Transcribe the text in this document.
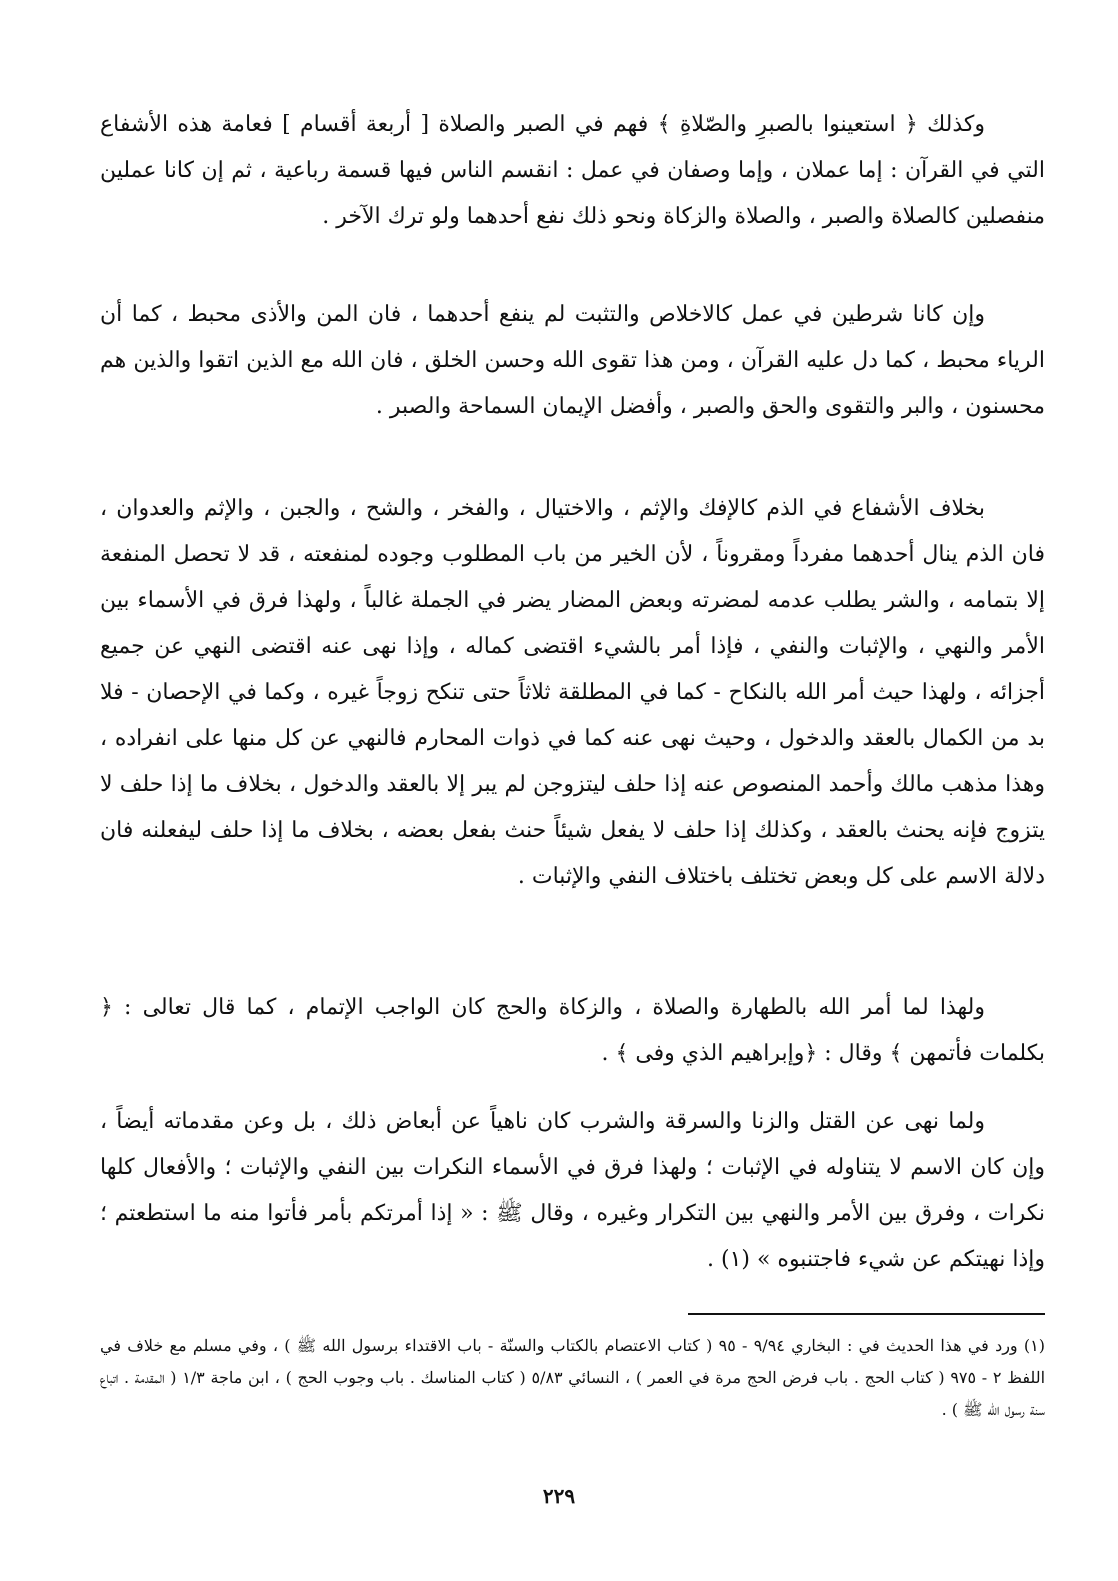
وكذلك ﴿ استعينوا بالصبرِ والصّلاةِ ﴾ فهم في الصبر والصلاة [ أربعة أقسام ] فعامة هذه الأشفاع التي في القرآن : إما عملان ، وإما وصفان في عمل : انقسم الناس فيها قسمة رباعية ، ثم إن كانا عملين منفصلين كالصلاة والصبر ، والصلاة والزكاة ونحو ذلك نفع أحدهما ولو ترك الآخر .

وإن كانا شرطين في عمل كالاخلاص والتثبت لم ينفع أحدهما ، فان المن والأذى محبط ، كما أن الرياء محبط ، كما دل عليه القرآن ، ومن هذا تقوى الله وحسن الخلق ، فان الله مع الذين اتقوا والذين هم محسنون ، والبر والتقوى والحق والصبر ، وأفضل الإيمان السماحة والصبر .

بخلاف الأشفاع في الذم كالإفك والإثم ، والاختيال ، والفخر ، والشح ، والجبن ، والإثم والعدوان ، فان الذم ينال أحدهما مفرداً ومقروناً ، لأن الخير من باب المطلوب وجوده لمنفعته ، قد لا تحصل المنفعة إلا بتمامه ، والشر يطلب عدمه لمضرته وبعض المضار يضر في الجملة غالباً ، ولهذا فرق في الأسماء بين الأمر والنهي ، والإثبات والنفي ، فإذا أمر بالشيء اقتضى كماله ، وإذا نهى عنه اقتضى النهي عن جميع أجزائه ، ولهذا حيث أمر الله بالنكاح - كما في المطلقة ثلاثاً حتى تنكح زوجاً غيره ، وكما في الإحصان - فلا بد من الكمال بالعقد والدخول ، وحيث نهى عنه كما في ذوات المحارم فالنهي عن كل منها على انفراده ، وهذا مذهب مالك وأحمد المنصوص عنه إذا حلف ليتزوجن لم يبر إلا بالعقد والدخول ، بخلاف ما إذا حلف لا يتزوج فإنه يحنث بالعقد ، وكذلك إذا حلف لا يفعل شيئاً حنث بفعل بعضه ، بخلاف ما إذا حلف ليفعلنه فان دلالة الاسم على كل وبعض تختلف باختلاف النفي والإثبات .

ولهذا لما أمر الله بالطهارة والصلاة ، والزكاة والحج كان الواجب الإتمام ، كما قال تعالى : ﴿ بكلمات فأتمهن ﴾ وقال : ﴿وإبراهيم الذي وفى ﴾ .

ولما نهى عن القتل والزنا والسرقة والشرب كان ناهياً عن أبعاض ذلك ، بل وعن مقدماته أيضاً ، وإن كان الاسم لا يتناوله في الإثبات ؛ ولهذا فرق في الأسماء النكرات بين النفي والإثبات ؛ والأفعال كلها نكرات ، وفرق بين الأمر والنهي بين التكرار وغيره ، وقال ﷺ : « إذا أمرتكم بأمر فأتوا منه ما استطعتم ؛ وإذا نهيتكم عن شيء فاجتنبوه » (١) .

(١) ورد في هذا الحديث في : البخاري ٩/٩٤ - ٩٥ ( كتاب الاعتصام بالكتاب والسنّة - باب الاقتداء برسول الله ﷺ ) ، وفي مسلم مع خلاف في اللفظ ٢ - ٩٧٥ ( كتاب الحج . باب فرض الحج مرة في العمر ) ، النسائي ٥/٨٣ ( كتاب المناسك . باب وجوب الحج ) ، ابن ماجة ١/٣ ( المقدمة . اتباع سنة رسول الله ﷺ ) .

٢٢٩
